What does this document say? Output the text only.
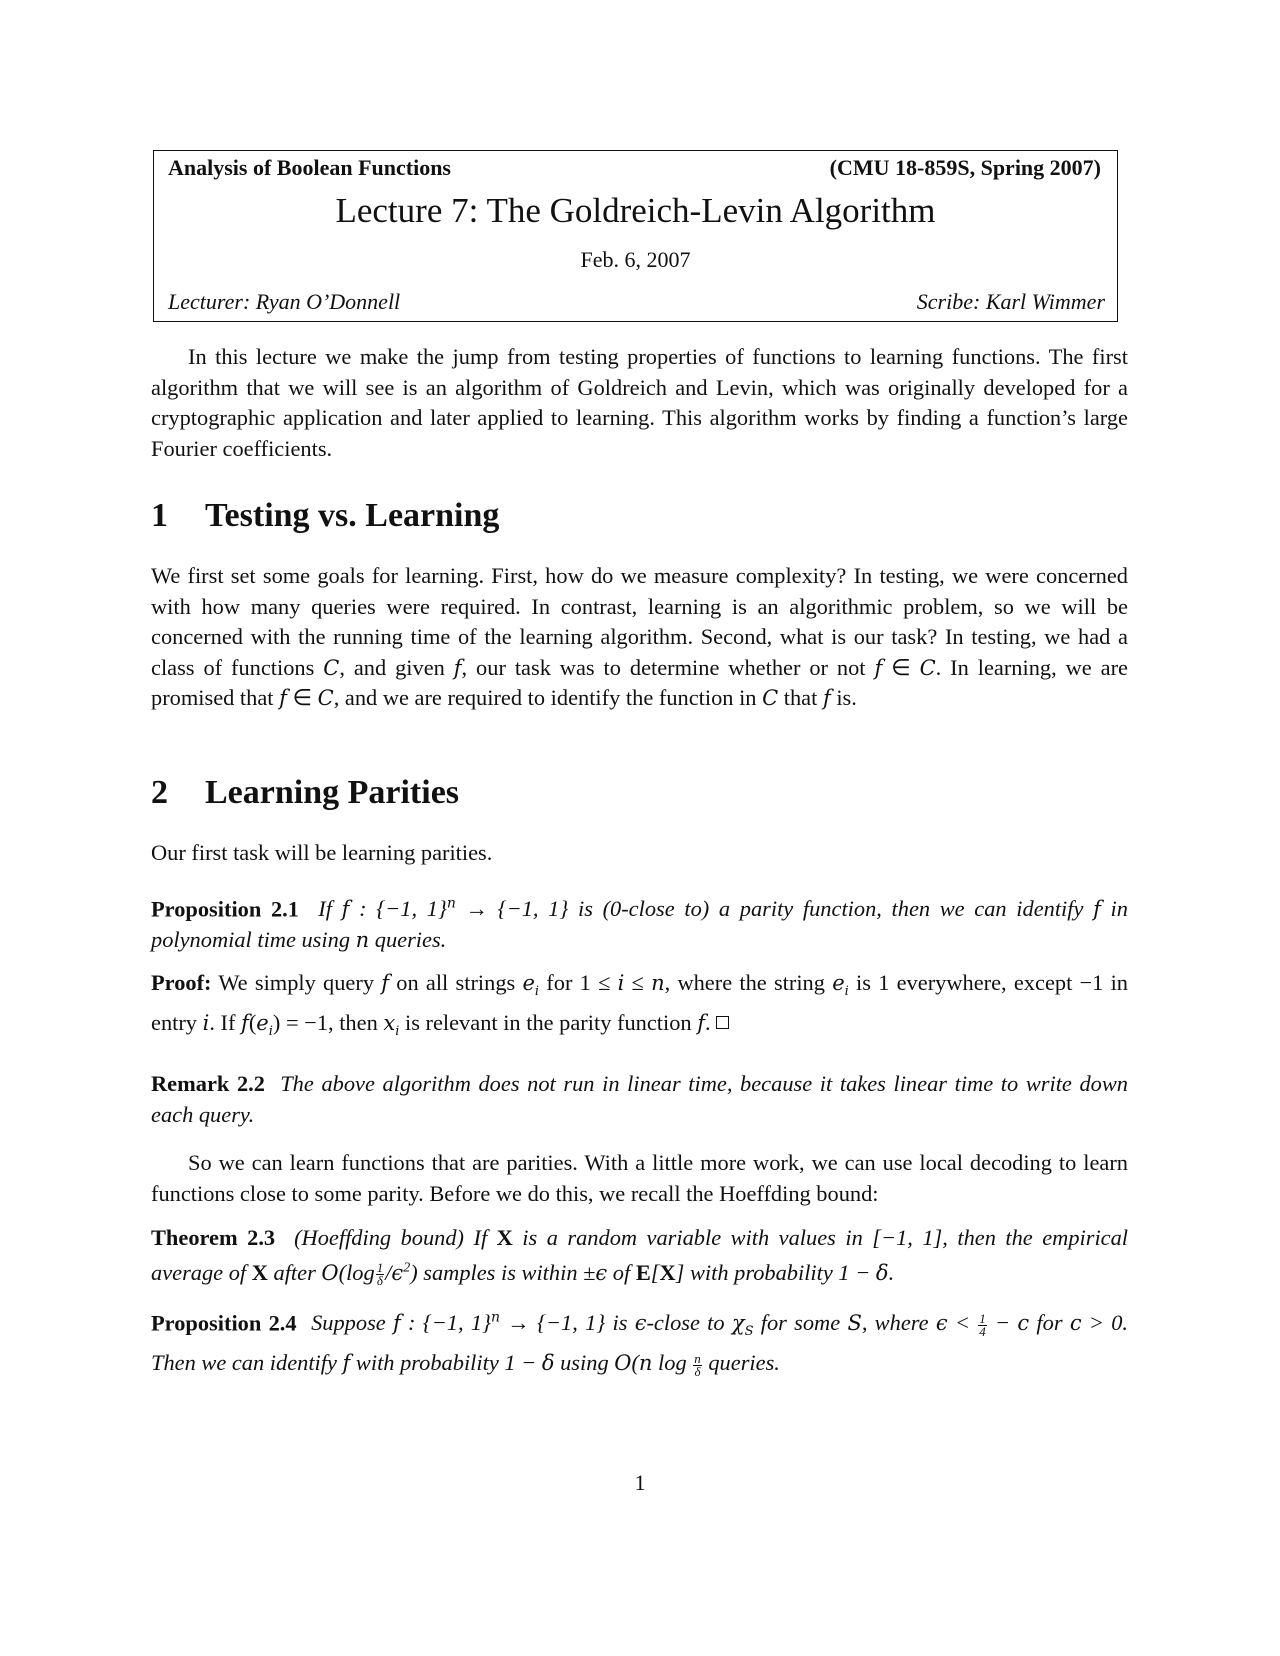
Analysis of Boolean Functions	(CMU 18-859S, Spring 2007)
Lecture 7: The Goldreich-Levin Algorithm
Feb. 6, 2007
Lecturer: Ryan O’Donnell	Scribe: Karl Wimmer

In this lecture we make the jump from testing properties of functions to learning functions. The first algorithm that we will see is an algorithm of Goldreich and Levin, which was originally developed for a cryptographic application and later applied to learning. This algorithm works by finding a function’s large Fourier coefficients.

1 Testing vs. Learning

We first set some goals for learning. First, how do we measure complexity? In testing, we were concerned with how many queries were required. In contrast, learning is an algorithmic problem, so we will be concerned with the running time of the learning algorithm. Second, what is our task? In testing, we had a class of functions C, and given f, our task was to determine whether or not f ∈ C. In learning, we are promised that f ∈ C, and we are required to identify the function in C that f is.

2 Learning Parities

Our first task will be learning parities.

Proposition 2.1 If f : {−1, 1}$^n$ → {−1, 1} is (0-close to) a parity function, then we can identify f in polynomial time using n queries.

Proof: We simply query f on all strings $e_i$ for 1 ≤ i ≤ n, where the string $e_i$ is 1 everywhere, except −1 in entry i. If $f(e_i) = -1$, then $x_i$ is relevant in the parity function f.

Remark 2.2 The above algorithm does not run in linear time, because it takes linear time to write down each query.

So we can learn functions that are parities. With a little more work, we can use local decoding to learn functions close to some parity. Before we do this, we recall the Hoeffding bound:

Theorem 2.3 (Hoeffding bound) If X is a random variable with values in [−1, 1], then the empirical average of X after $O(\log \frac{1}{\delta} /\epsilon^2)$ samples is within ±ϵ of E[X] with probability 1 − δ.

Proposition 2.4 Suppose f : {−1, 1}$^n$ → {−1, 1} is ϵ-close to $\chi_S$ for some S, where $\epsilon < \frac{1}{4} - c$ for c > 0. Then we can identify f with probability 1 − δ using O(n $\log \frac{n}{\delta}$ queries.

1
